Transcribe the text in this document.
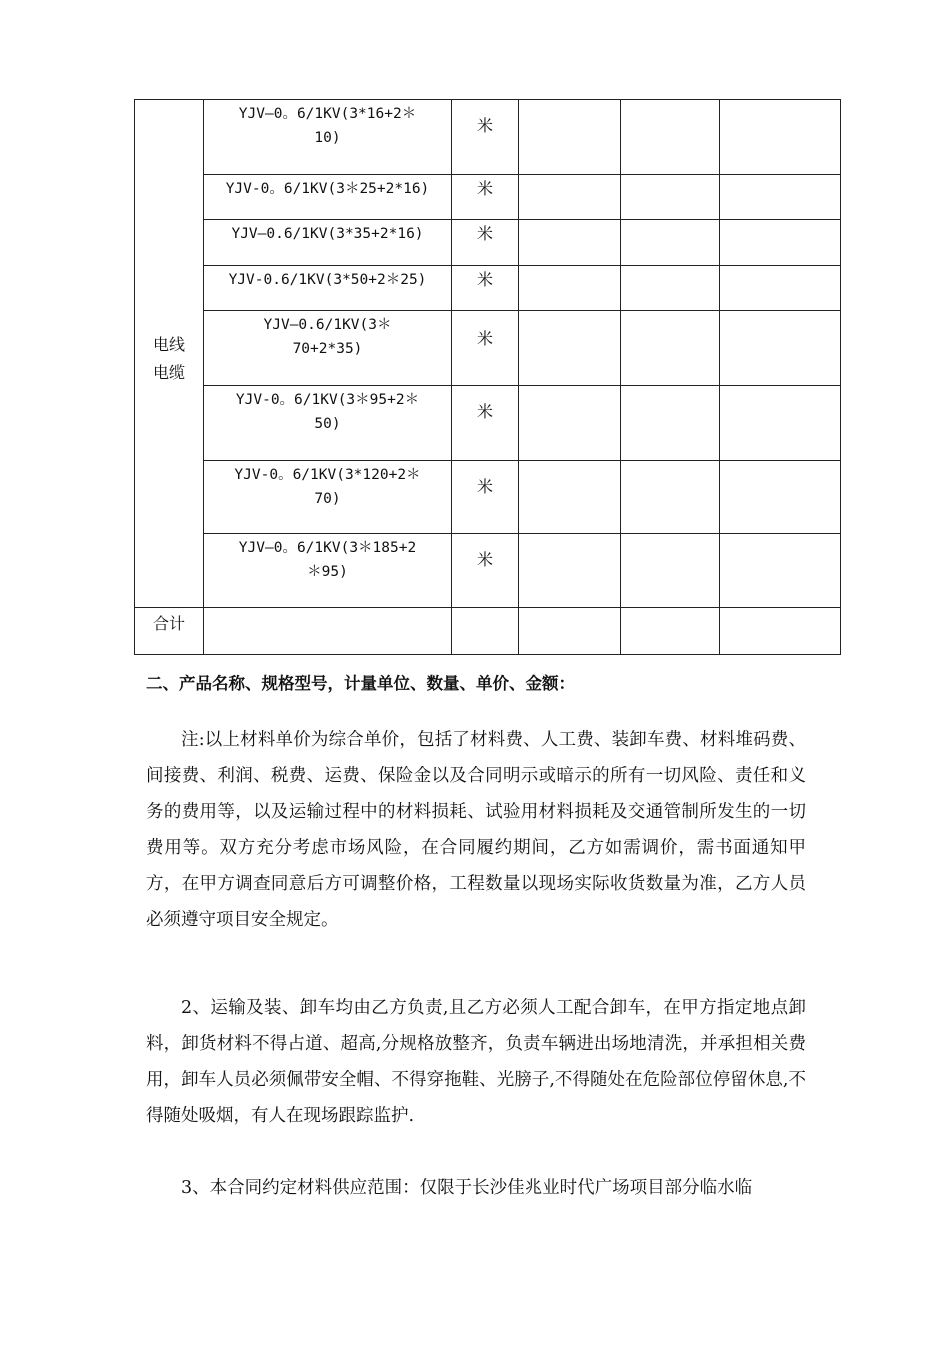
电线
电缆	YJV—0。6/1KV(3*16+2＊
10)	米			
	YJV-0。6/1KV(3＊25+2*16)	米			
	YJV—0.6/1KV(3*35+2*16)	米			
	YJV-0.6/1KV(3*50+2＊25)	米			
	YJV—0.6/1KV(3＊
70+2*35)	米			
	YJV-0。6/1KV(3＊95+2＊
50)	米			
	YJV-0。6/1KV(3*120+2＊
70)	米			
	YJV—0。6/1KV(3＊185+2
＊95)	米			
合计					
二、产品名称、规格型号，计量单位、数量、单价、金额：

注:以上材料单价为综合单价，包括了材料费、人工费、装卸车费、材料堆码费、间接费、利润、税费、运费、保险金以及合同明示或暗示的所有一切风险、责任和义务的费用等，以及运输过程中的材料损耗、试验用材料损耗及交通管制所发生的一切费用等。双方充分考虑市场风险，在合同履约期间，乙方如需调价，需书面通知甲方，在甲方调查同意后方可调整价格，工程数量以现场实际收货数量为准，乙方人员必须遵守项目安全规定。

2、运输及装、卸车均由乙方负责,且乙方必须人工配合卸车，在甲方指定地点卸料，卸货材料不得占道、超高,分规格放整齐，负责车辆进出场地清洗，并承担相关费用，卸车人员必须佩带安全帽、不得穿拖鞋、光膀子,不得随处在危险部位停留休息,不得随处吸烟，有人在现场跟踪监护.

3、本合同约定材料供应范围：仅限于长沙佳兆业时代广场项目部分临水临
